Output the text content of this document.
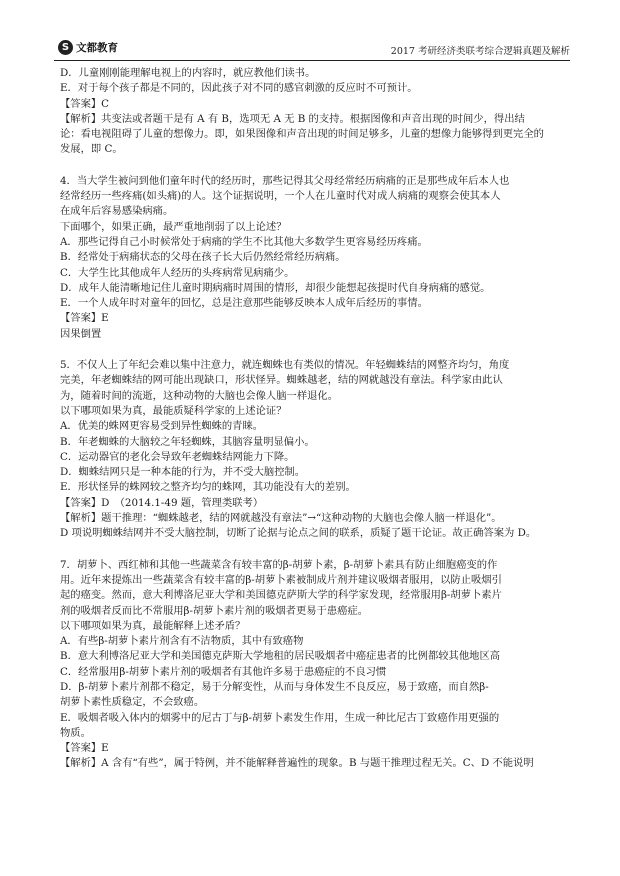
S 文都教育	2017 考研经济类联考综合逻辑真题及解析

D．儿童刚刚能理解电视上的内容时，就应教他们读书。

E．对于每个孩子都是不同的，因此孩子对不同的感官刺激的反应时不可预计。

【答案】C

【解析】共变法或者题干是有 A 有 B，选项无 A 无 B 的支持。根据图像和声音出现的时间少，得出结

论：看电视阻碍了儿童的想像力。即，如果图像和声音出现的时间足够多，儿童的想像力能够得到更完全的

发展，即 C。

4．当大学生被问到他们童年时代的经历时，那些记得其父母经常经历病痛的正是那些成年后本人也

经常经历一些疼痛(如头痛)的人。这个证据说明，一个人在儿童时代对成人病痛的观察会使其本人

在成年后容易感染病痛。

下面哪个，如果正确，最严重地削弱了以上论述？

A．那些记得自己小时候常处于病痛的学生不比其他大多数学生更容易经历疼痛。

B．经常处于病痛状态的父母在孩子长大后仍然经常经历病痛。

C．大学生比其他成年人经历的头疼病常见病痛少。

D．成年人能清晰地记住儿童时期病痛时周围的情形，却很少能想起孩提时代自身病痛的感觉。

E．一个人成年时对童年的回忆，总是注意那些能够反映本人成年后经历的事情。

【答案】E

因果倒置

5．不仅人上了年纪会难以集中注意力，就连蜘蛛也有类似的情况。年轻蜘蛛结的网整齐均匀，角度

完美，年老蜘蛛结的网可能出现缺口，形状怪异。蜘蛛越老，结的网就越没有章法。科学家由此认

为，随着时间的流逝，这种动物的大脑也会像人脑一样退化。

以下哪项如果为真，最能质疑科学家的上述论证？

A．优美的蛛网更容易受到异性蜘蛛的青睐。

B．年老蜘蛛的大脑较之年轻蜘蛛，其脑容量明显偏小。

C．运动器官的老化会导致年老蜘蛛结网能力下降。

D．蜘蛛结网只是一种本能的行为，并不受大脑控制。

E．形状怪异的蛛网较之整齐均匀的蛛网，其功能没有大的差别。

【答案】D　（2014.1-49 题，管理类联考）

【解析】题干推理：“蜘蛛越老，结的网就越没有章法”→“这种动物的大脑也会像人脑一样退化”。

D 项说明蜘蛛结网并不受大脑控制，切断了论据与论点之间的联系，质疑了题干论证。故正确答案为 D。

7．胡萝卜、西红柿和其他一些蔬菜含有较丰富的β-胡萝卜素，β-胡萝卜素具有防止细胞癌变的作

用。近年来提炼出一些蔬菜含有较丰富的β-胡萝卜素被制成片剂并建议吸烟者服用，以防止吸烟引

起的癌变。然而，意大利博洛尼亚大学和美国德克萨斯大学的科学家发现，经常服用β-胡萝卜素片

剂的吸烟者反而比不常服用β-胡萝卜素片剂的吸烟者更易于患癌症。

以下哪项如果为真，最能解释上述矛盾？

A．有些β-胡萝卜素片剂含有不洁物质，其中有致癌物

B．意大利博洛尼亚大学和美国德克萨斯大学地租的居民吸烟者中癌症患者的比例都较其他地区高

C．经常服用β-胡萝卜素片剂的吸烟者有其他许多易于患癌症的不良习惯

D．β-胡萝卜素片剂都不稳定，易于分解变性，从而与身体发生不良反应，易于致癌，而自然β-

胡萝卜素性质稳定，不会致癌。

E．吸烟者吸入体内的烟雾中的尼古丁与β-胡萝卜素发生作用，生成一种比尼古丁致癌作用更强的

物质。

【答案】E

【解析】A 含有“有些”，属于特例，并不能解释普遍性的现象。B 与题干推理过程无关。C、D 不能说明
